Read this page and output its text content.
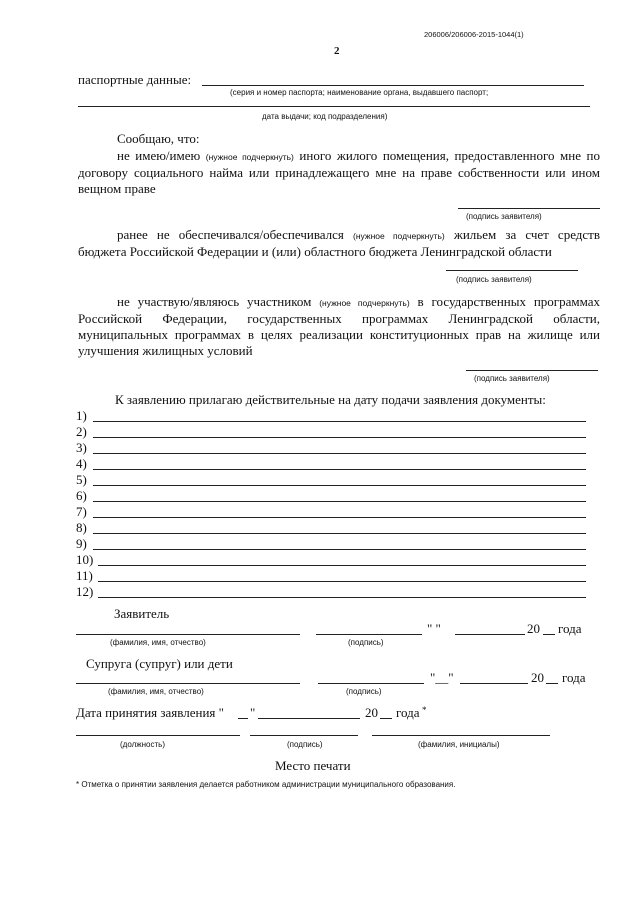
206006/206006-2015-1044(1)
2
паспортные данные:
(серия и номер паспорта; наименование органа, выдавшего паспорт;
дата выдачи; код подразделения)
Сообщаю, что:
не имею/имею (нужное подчеркнуть) иного жилого помещения, предоставленного мне по договору социального найма или принадлежащего мне на праве собственности или ином вещном праве
(подпись заявителя)
ранее не обеспечивался/обеспечивался (нужное подчеркнуть) жильем за счет средств бюджета Российской Федерации и (или) областного бюджета Ленинградской области
(подпись заявителя)
не участвую/являюсь участником (нужное подчеркнуть) в государственных программах Российской Федерации, государственных программах Ленинградской области, муниципальных программах в целях реализации конституционных прав на жилище или улучшения жилищных условий
(подпись заявителя)
К заявлению прилагаю действительные на дату подачи заявления документы:
1)
2)
3)
4)
5)
6)
7)
8)
9)
10)
11)
12)
Заявитель
" "	20 года
(фамилия, имя, отчество)	(подпись)
Супруга (супруг) или дети
"__"	20 года
(фамилия, имя, отчество)	(подпись)
Дата принятия заявления " "	20 года *
(должность)	(подпись)	(фамилия, инициалы)
Место печати
* Отметка о принятии заявления делается работником администрации муниципального образования.
